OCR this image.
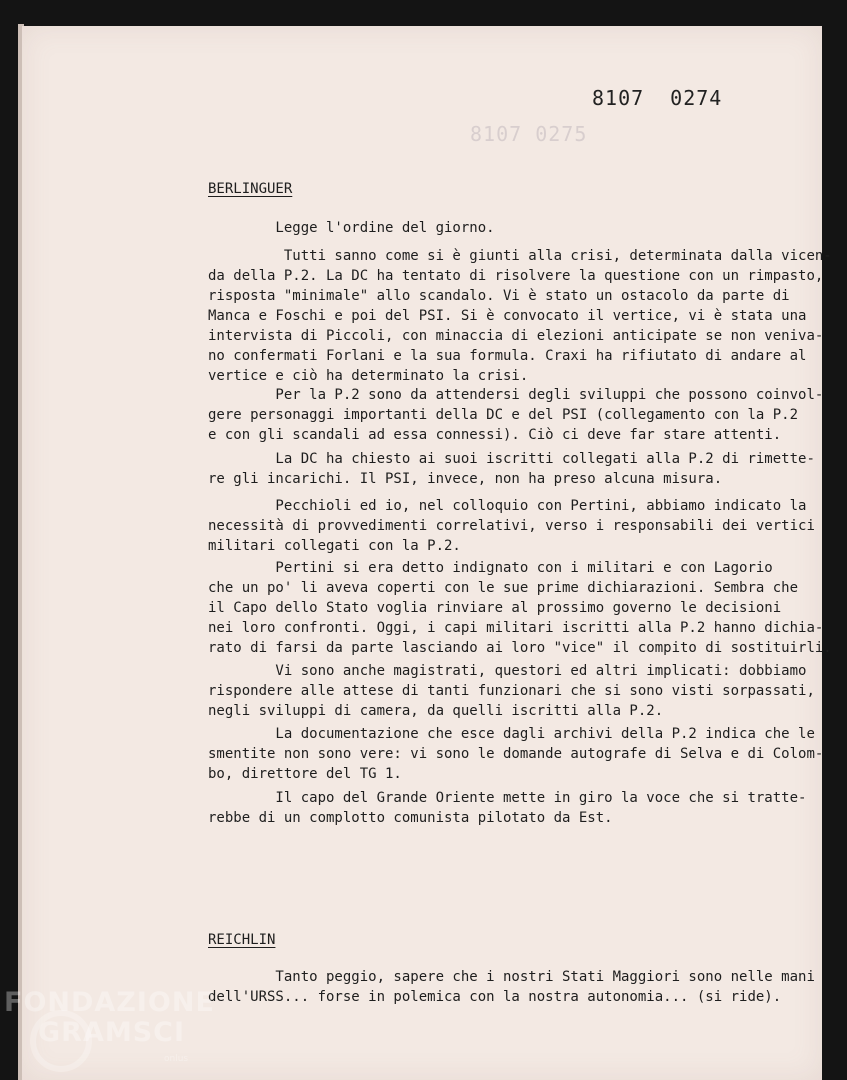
8107 0275
8107 0274
BERLINGUER
Legge l'ordine del giorno.
Tutti sanno come si è giunti alla crisi, determinata dalla
da della P.2. La DC ha tentato di risolvere la questione con un rimpasto,
risposta "minimale" allo scandalo. Vi è stato un ostacolo da parte di
Manca e Foschi e poi del PSI. Si è convocato il vertice, vi è stata una
intervista di Piccoli, con minaccia di elezioni anticipate se non veniva-
no confermati Forlani e la sua formula. Craxi ha rifiutato di andare
vertice e ciò ha determinato la crisi.
Per la P.2 sono da attendersi degli sviluppi che possono coinvol-
gere personaggi importanti della DC e del PSI (collegamento con la P.2
e con gli scandali ad essa connessi). Ciò ci deve far stare attenti.
La DC ha chiesto ai suoi iscritti collegati alla P.2 di rimette-
re gli incarichi. Il PSI, invece, non ha preso alcuna misura.
Pecchioli ed io, nel colloquio con Pertini, abbiamo indicato
necessità di provvedimenti correlativi, verso i responsabili dei vertici
militari collegati con la P.2.
Pertini si era detto indignato con i militari e con Lagorio
che un po' li aveva coperti con le sue prime dichiarazioni. Sembra che
il Capo dello Stato voglia rinviare al prossimo governo le decisioni
nei loro confronti. Oggi, i capi militari iscritti alla P.2 hanno dichia-
rato di farsi da parte lasciando ai loro "vice" il compito di sostituirli.
Vi sono anche magistrati, questori ed altri implicati: dobbiamo
rispondere alle attese di tanti funzionari che si sono visti sorpassati,
negli sviluppi di camera, da quelli iscritti alla P.2.
La documentazione che esce dagli archivi della P.2 indica che
smentite non sono vere: vi sono le domande autografe di Selva e di Colom-
bo, direttore del TG 1.
Il capo del Grande Oriente mette in giro la voce che si tratte-
rebbe di un complotto comunista pilotato da Est.
REICHLIN
Tanto peggio, sapere che i nostri Stati Maggiori sono nelle mani
dell'URSS... forse in polemica con la nostra autonomia... (si ride).
FONDAZIONE
GRAMSCI
onlus
